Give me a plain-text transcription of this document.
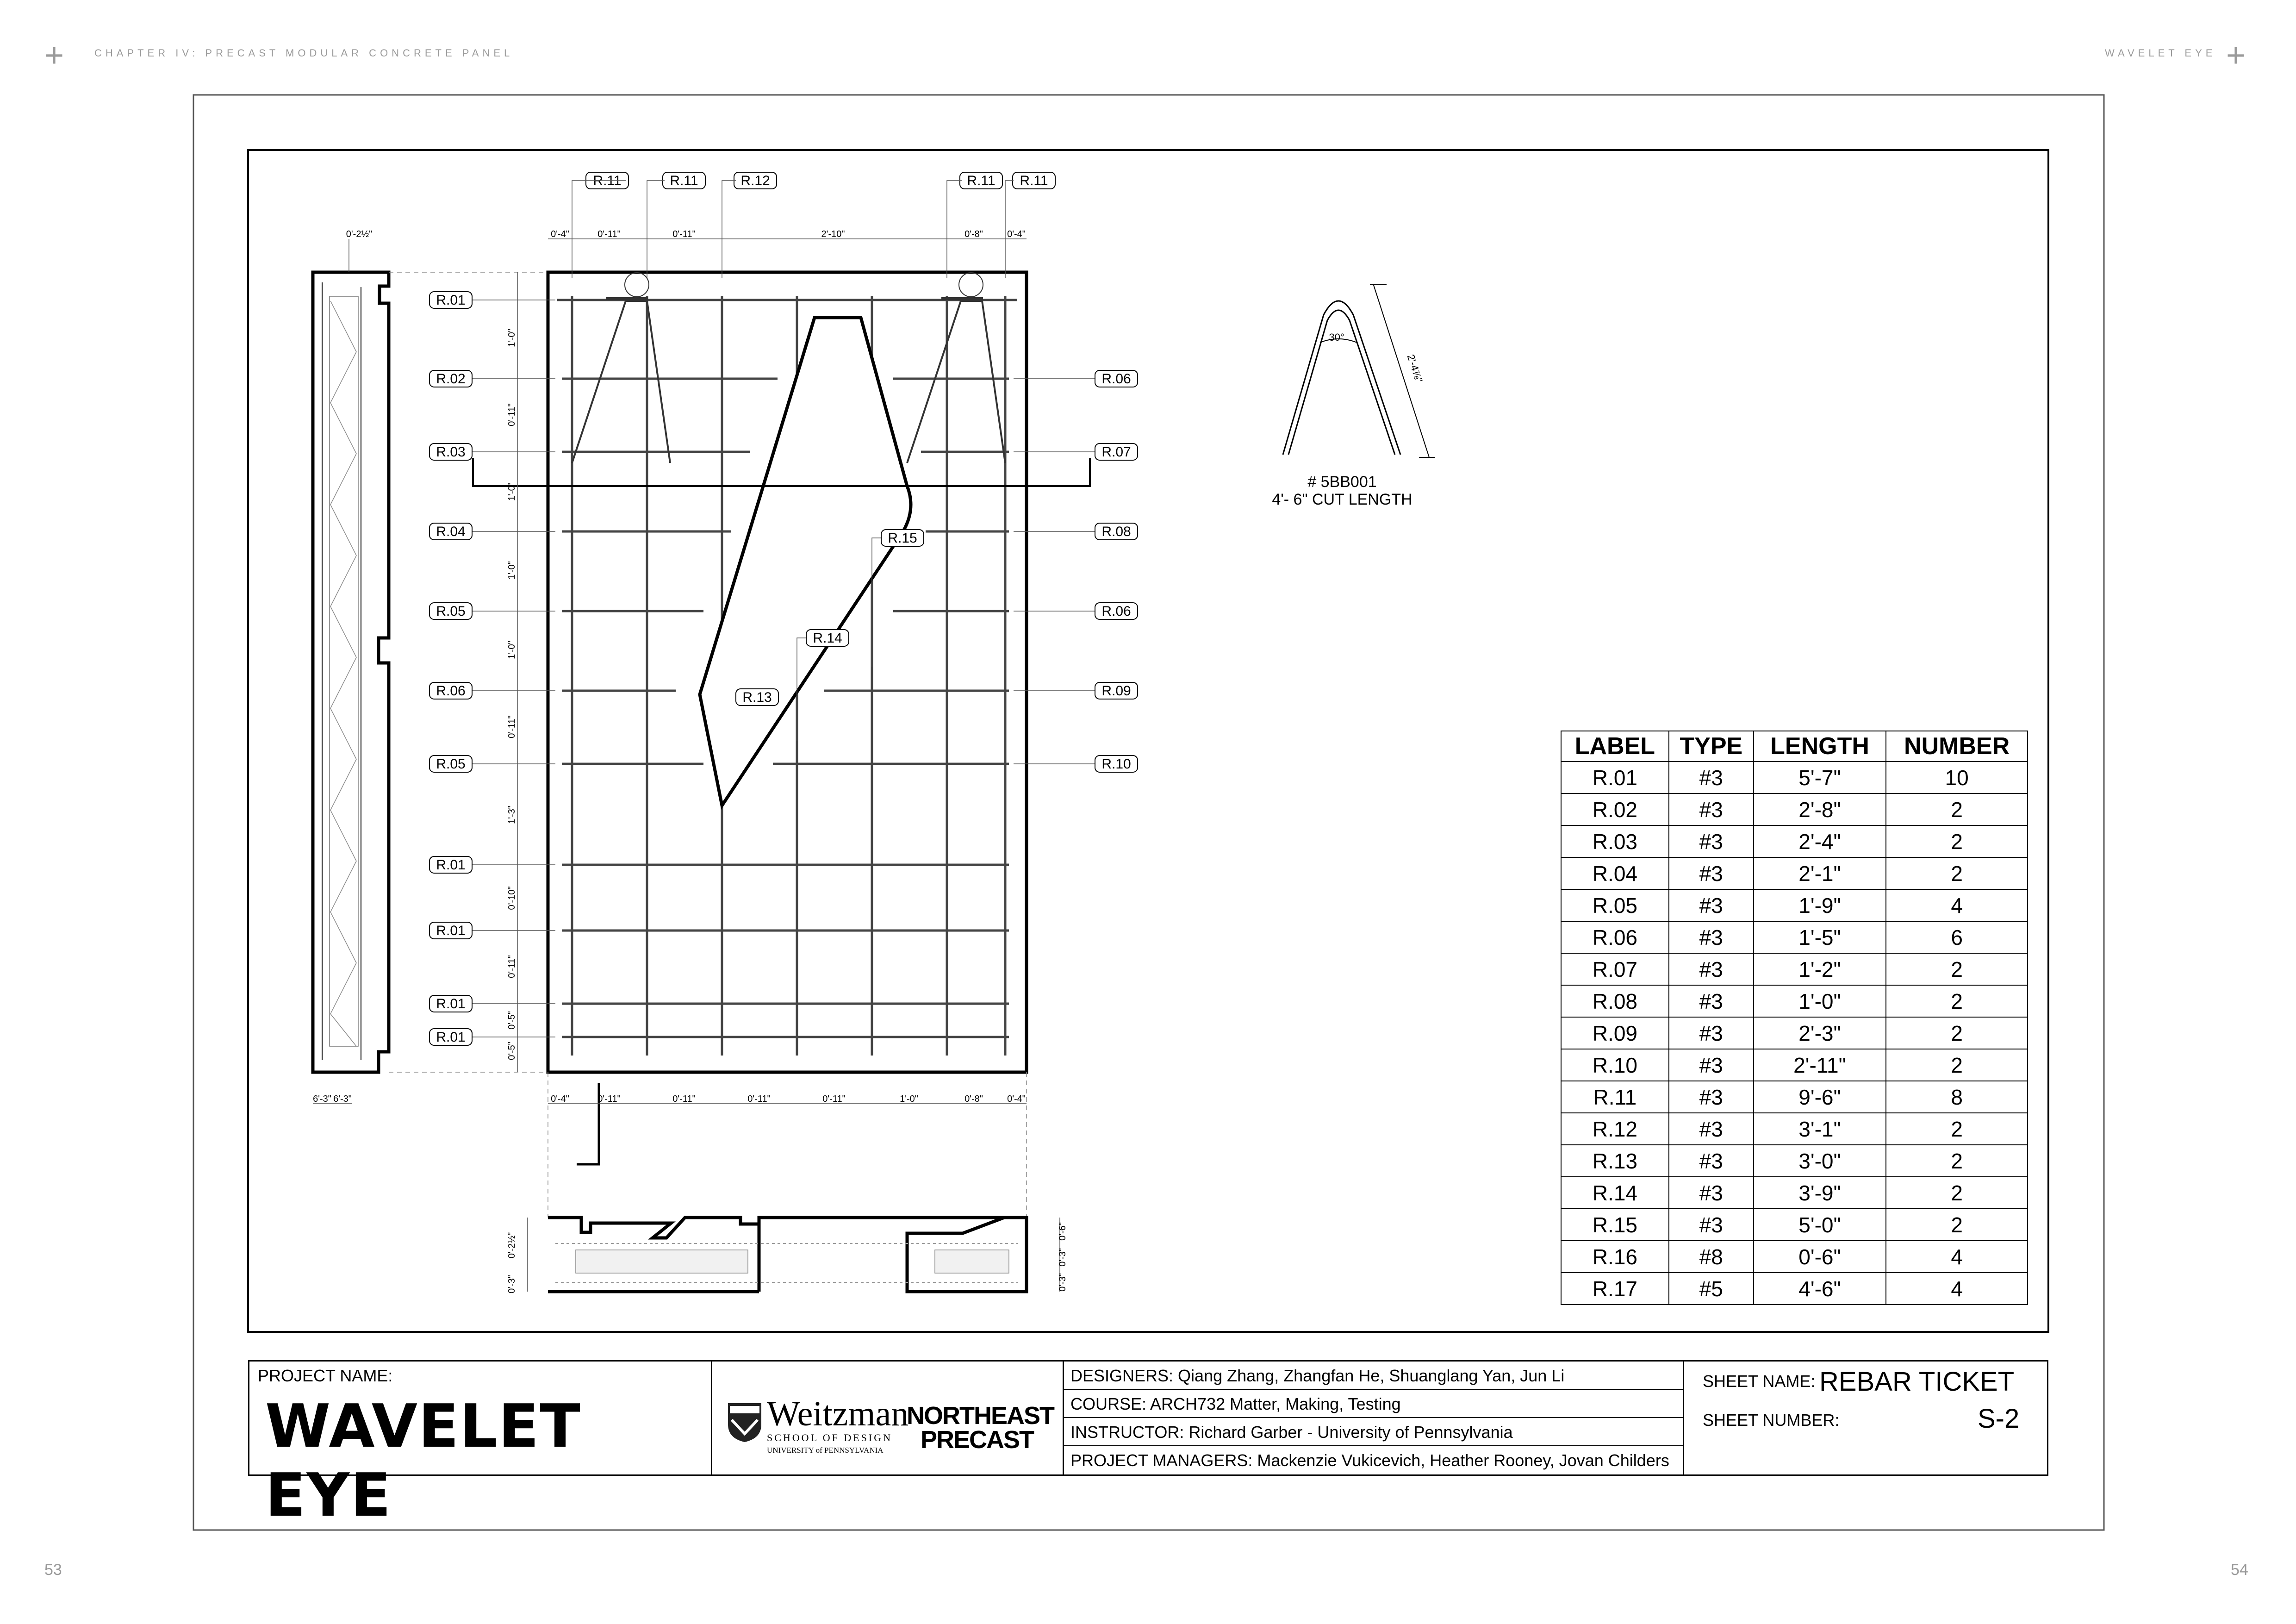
+	CHAPTER IV: PRECAST MODULAR CONCRETE PANEL	WAVELET EYE +
53	54
30°
2'-4⅞"
# 5BB001
4'- 6" CUT LENGTH
R.01
R.02
R.03
R.04
R.05
R.06
R.05
R.01
R.01
R.01
R.01
R.06
R.07
R.08
R.06
R.09
R.10
R.11	R.11	R.12	R.11 R.11
R.13
R.14
R.15
0'-4"	0'-11"	0'-11"	2'-10"	0'-8"	0'-4"
0'-4"	0'-11"	0'-11"	0'-11"	0'-11"	1'-0"	0'-8"	0'-4"
1'-0"
0'-11"
1'-0"
1'-0"
1'-0"
0'-11"
1'-3"
0'-10"
0'-11"
0'-5"
0'-5"
0'-2½"
6'-3" 6'-3"
0'-2½"
0'-3"
0'-6"
0'-3"
0'-3"
LABEL	TYPE	LENGTH	NUMBER
R.01	#3	5'-7"	10
R.02	#3	2'-8"	2
R.03	#3	2'-4"	2
R.04	#3	2'-1"	2
R.05	#3	1'-9"	4
R.06	#3	1'-5"	6
R.07	#3	1'-2"	2
R.08	#3	1'-0"	2
R.09	#3	2'-3"	2
R.10	#3	2'-11"	2
R.11	#3	9'-6"	8
R.12	#3	3'-1"	2
R.13	#3	3'-0"	2
R.14	#3	3'-9"	2
R.15	#3	5'-0"	2
R.16	#8	0'-6"	4
R.17	#5	4'-6"	4
PROJECT NAME:
WAVELET EYE
Weitzman
SCHOOL OF DESIGN
UNIVERSITY of PENNSYLVANIA
NORTHEAST
PRECAST
DESIGNERS: Qiang Zhang, Zhangfan He, Shuanglang Yan, Jun Li
COURSE: ARCH732 Matter, Making, Testing
INSTRUCTOR: Richard Garber - University of Pennsylvania
PROJECT MANAGERS: Mackenzie Vukicevich, Heather Rooney, Jovan Childers
SHEET NAME: REBAR TICKET
SHEET NUMBER:	S-2
